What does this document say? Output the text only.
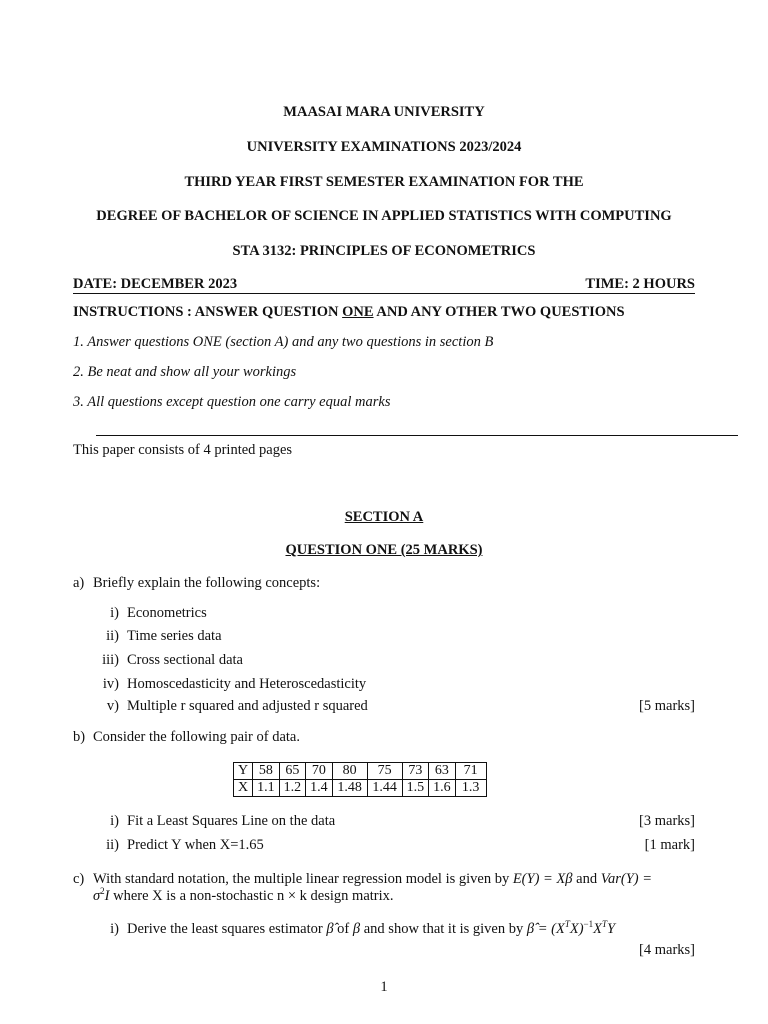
MAASAI MARA UNIVERSITY
UNIVERSITY EXAMINATIONS 2023/2024
THIRD YEAR FIRST SEMESTER EXAMINATION FOR THE
DEGREE OF BACHELOR OF SCIENCE IN APPLIED STATISTICS WITH COMPUTING
STA 3132: PRINCIPLES OF ECONOMETRICS
DATE: DECEMBER 2023	TIME: 2 HOURS
INSTRUCTIONS : ANSWER QUESTION ONE AND ANY OTHER TWO QUESTIONS
1. Answer questions ONE (section A) and any two questions in section B
2. Be neat and show all your workings
3. All questions except question one carry equal marks
This paper consists of 4 printed pages
SECTION A
QUESTION ONE (25 MARKS)
a) Briefly explain the following concepts:
i) Econometrics
ii) Time series data
iii) Cross sectional data
iv) Homoscedasticity and Heteroscedasticity
v) Multiple r squared and adjusted r squared	[5 marks]
b) Consider the following pair of data.
Y	58	65	70	80	75	73	63	71
X	1.1	1.2	1.4	1.48	1.44	1.5	1.6	1.3
i) Fit a Least Squares Line on the data	[3 marks]
ii) Predict Y when X=1.65	[1 mark]
c) With standard notation, the multiple linear regression model is given by E(Y) = Xβ and Var(Y) =
$\sigma^2I$ where X is a non-stochastic n × k design matrix.
i) Derive the least squares estimator β̂ of β and show that it is given by β̂ = $(X^TX)^{-1}X^TY$
[4 marks]
1
